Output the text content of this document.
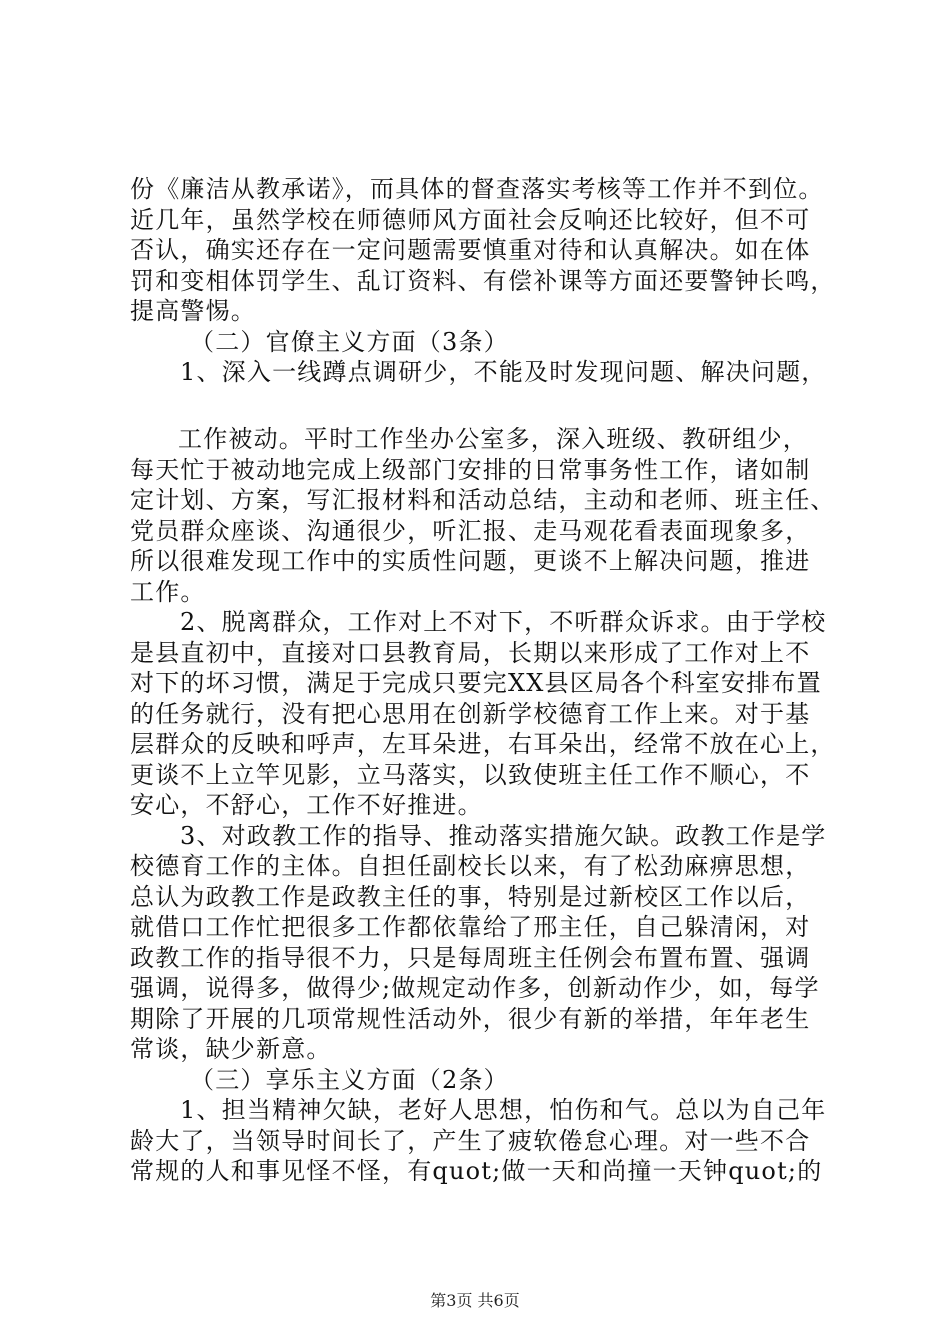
份《廉洁从教承诺》，而具体的督查落实考核等工作并不到位。

近几年，虽然学校在师德师风方面社会反响还比较好，但不可

否认，确实还存在一定问题需要慎重对待和认真解决。如在体

罚和变相体罚学生、乱订资料、有偿补课等方面还要警钟长鸣，

提高警惕。

（二）官僚主义方面（3条）

1、深入一线蹲点调研少，不能及时发现问题、解决问题，

工作被动。平时工作坐办公室多，深入班级、教研组少，

每天忙于被动地完成上级部门安排的日常事务性工作，诸如制

定计划、方案，写汇报材料和活动总结，主动和老师、班主任、

党员群众座谈、沟通很少，听汇报、走马观花看表面现象多，

所以很难发现工作中的实质性问题，更谈不上解决问题，推进

工作。

2、脱离群众，工作对上不对下，不听群众诉求。由于学校

是县直初中，直接对口县教育局，长期以来形成了工作对上不

对下的坏习惯，满足于完成只要完XX县区局各个科室安排布置

的任务就行，没有把心思用在创新学校德育工作上来。对于基

层群众的反映和呼声，左耳朵进，右耳朵出，经常不放在心上，

更谈不上立竿见影，立马落实，以致使班主任工作不顺心，不

安心，不舒心，工作不好推进。

3、对政教工作的指导、推动落实措施欠缺。政教工作是学

校德育工作的主体。自担任副校长以来，有了松劲麻痹思想，

总认为政教工作是政教主任的事，特别是过新校区工作以后，

就借口工作忙把很多工作都依靠给了邢主任，自己躲清闲，对

政教工作的指导很不力，只是每周班主任例会布置布置、强调

强调，说得多，做得少;做规定动作多，创新动作少，如，每学

期除了开展的几项常规性活动外，很少有新的举措，年年老生

常谈，缺少新意。

（三）享乐主义方面（2条）

1、担当精神欠缺，老好人思想，怕伤和气。总以为自己年

龄大了，当领导时间长了，产生了疲软倦怠心理。对一些不合

常规的人和事见怪不怪，有quot;做一天和尚撞一天钟quot;的

第3页 共6页
